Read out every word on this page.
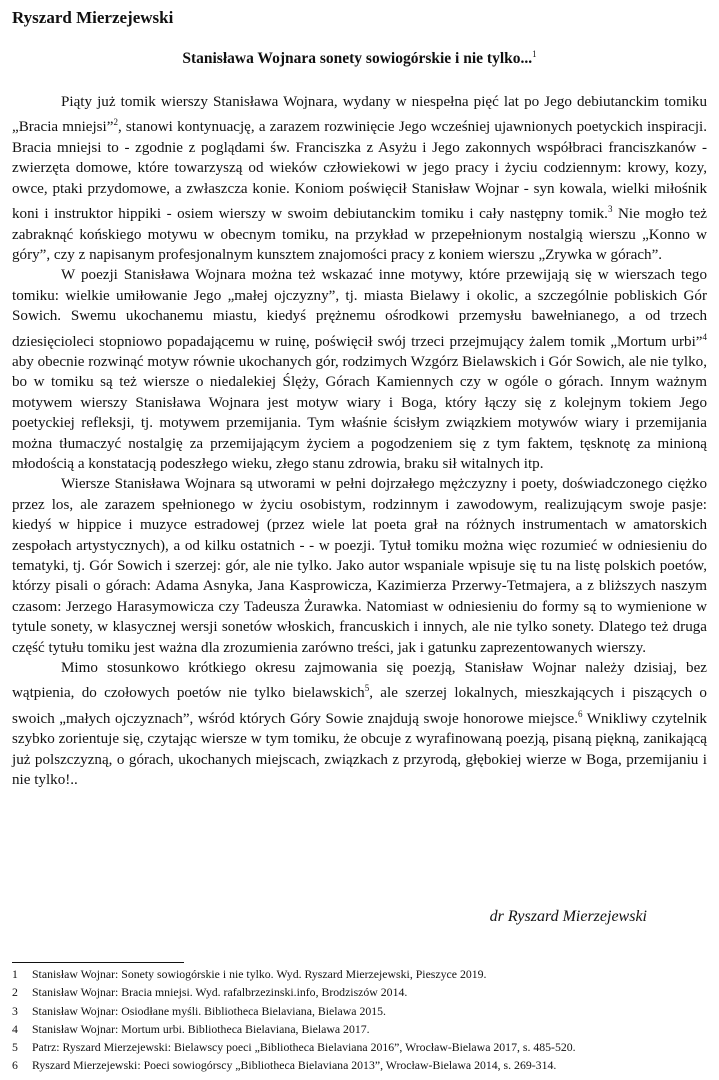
Ryszard Mierzejewski
Stanisława Wojnara sonety sowiogórskie i nie tylko...$^1$

Piąty już tomik wierszy Stanisława Wojnara, wydany w niespełna pięć lat po Jego debiutanckim tomiku „Bracia mniejsi”$^2$, stanowi kontynuację, a zarazem rozwinięcie Jego wcześniej ujawnionych poetyckich inspiracji. Bracia mniejsi to - zgodnie z poglądami św. Franciszka z Asyżu i Jego zakonnych współbraci franciszkanów - zwierzęta domowe, które towarzyszą od wieków człowiekowi w jego pracy i życiu codziennym: krowy, kozy, owce, ptaki przydomowe, a zwłaszcza konie. Koniom poświęcił Stanisław Wojnar - syn kowala, wielki miłośnik koni i instruktor hippiki - osiem wierszy w swoim debiutanckim tomiku i cały następny tomik.$^3$ Nie mogło też zabraknąć końskiego motywu w obecnym tomiku, na przykład w przepełnionym nostalgią wierszu „Konno w góry”, czy z napisanym profesjonalnym kunsztem znajomości pracy z koniem wierszu „Zrywka w górach”.

W poezji Stanisława Wojnara można też wskazać inne motywy, które przewijają się w wierszach tego tomiku: wielkie umiłowanie Jego „małej ojczyzny”, tj. miasta Bielawy i okolic, a szczególnie pobliskich Gór Sowich. Swemu ukochanemu miastu, kiedyś prężnemu ośrodkowi przemysłu bawełnianego, a od trzech dziesięcioleci stopniowo popadającemu w ruinę, poświęcił swój trzeci przejmujący żalem tomik „Mortum urbi”$^4$ aby obecnie rozwinąć motyw równie ukochanych gór, rodzimych Wzgórz Bielawskich i Gór Sowich, ale nie tylko, bo w tomiku są też wiersze o niedalekiej Ślęży, Górach Kamiennych czy w ogóle o górach. Innym ważnym motywem wierszy Stanisława Wojnara jest motyw wiary i Boga, który łączy się z kolejnym tokiem Jego poetyckiej refleksji, tj. motywem przemijania. Tym właśnie ścisłym związkiem motywów wiary i przemijania można tłumaczyć nostalgię za przemijającym życiem a pogodzeniem się z tym faktem, tęsknotę za minioną młodością a konstatacją podeszłego wieku, złego stanu zdrowia, braku sił witalnych itp.

Wiersze Stanisława Wojnara są utworami w pełni dojrzałego mężczyzny i poety, doświadczonego ciężko przez los, ale zarazem spełnionego w życiu osobistym, rodzinnym i zawodowym, realizującym swoje pasje: kiedyś w hippice i muzyce estradowej (przez wiele lat poeta grał na różnych instrumentach w amatorskich zespołach artystycznych), a od kilku ostatnich - - w poezji. Tytuł tomiku można więc rozumieć w odniesieniu do tematyki, tj. Gór Sowich i szerzej: gór, ale nie tylko. Jako autor wspaniale wpisuje się tu na listę polskich poetów, którzy pisali o górach: Adama Asnyka, Jana Kasprowicza, Kazimierza Przerwy-Tetmajera, a z bliższych naszym czasom: Jerzego Harasymowicza czy Tadeusza Żurawka. Natomiast w odniesieniu do formy są to wymienione w tytule sonety, w klasycznej wersji sonetów włoskich, francuskich i innych, ale nie tylko sonety. Dlatego też druga część tytułu tomiku jest ważna dla zrozumienia zarówno treści, jak i gatunku zaprezentowanych wierszy.

Mimo stosunkowo krótkiego okresu zajmowania się poezją, Stanisław Wojnar należy dzisiaj, bez wątpienia, do czołowych poetów nie tylko bielawskich$^5$, ale szerzej lokalnych, mieszkających i piszących o swoich „małych ojczyznach”, wśród których Góry Sowie znajdują swoje honorowe miejsce.$^6$ Wnikliwy czytelnik szybko zorientuje się, czytając wiersze w tym tomiku, że obcuje z wyrafinowaną poezją, pisaną piękną, zanikającą już polszczyzną, o górach, ukochanych miejscach, związkach z przyrodą, głębokiej wierze w Boga, przemijaniu i nie tylko!..

dr Ryszard Mierzejewski
1	Stanisław Wojnar: Sonety sowiogórskie i nie tylko. Wyd. Ryszard Mierzejewski, Pieszyce 2019.
2	Stanisław Wojnar: Bracia mniejsi. Wyd. rafalbrzezinski.info, Brodziszów 2014.
3	Stanisław Wojnar: Osiodłane myśli. Bibliotheca Bielaviana, Bielawa 2015.
4	Stanisław Wojnar: Mortum urbi. Bibliotheca Bielaviana, Bielawa 2017.
5	Patrz: Ryszard Mierzejewski: Bielawscy poeci „Bibliotheca Bielaviana 2016”, Wrocław-Bielawa 2017, s. 485-520.
6	Ryszard Mierzejewski: Poeci sowiogórscy „Bibliotheca Bielaviana 2013”, Wrocław-Bielawa 2014, s. 269-314.
